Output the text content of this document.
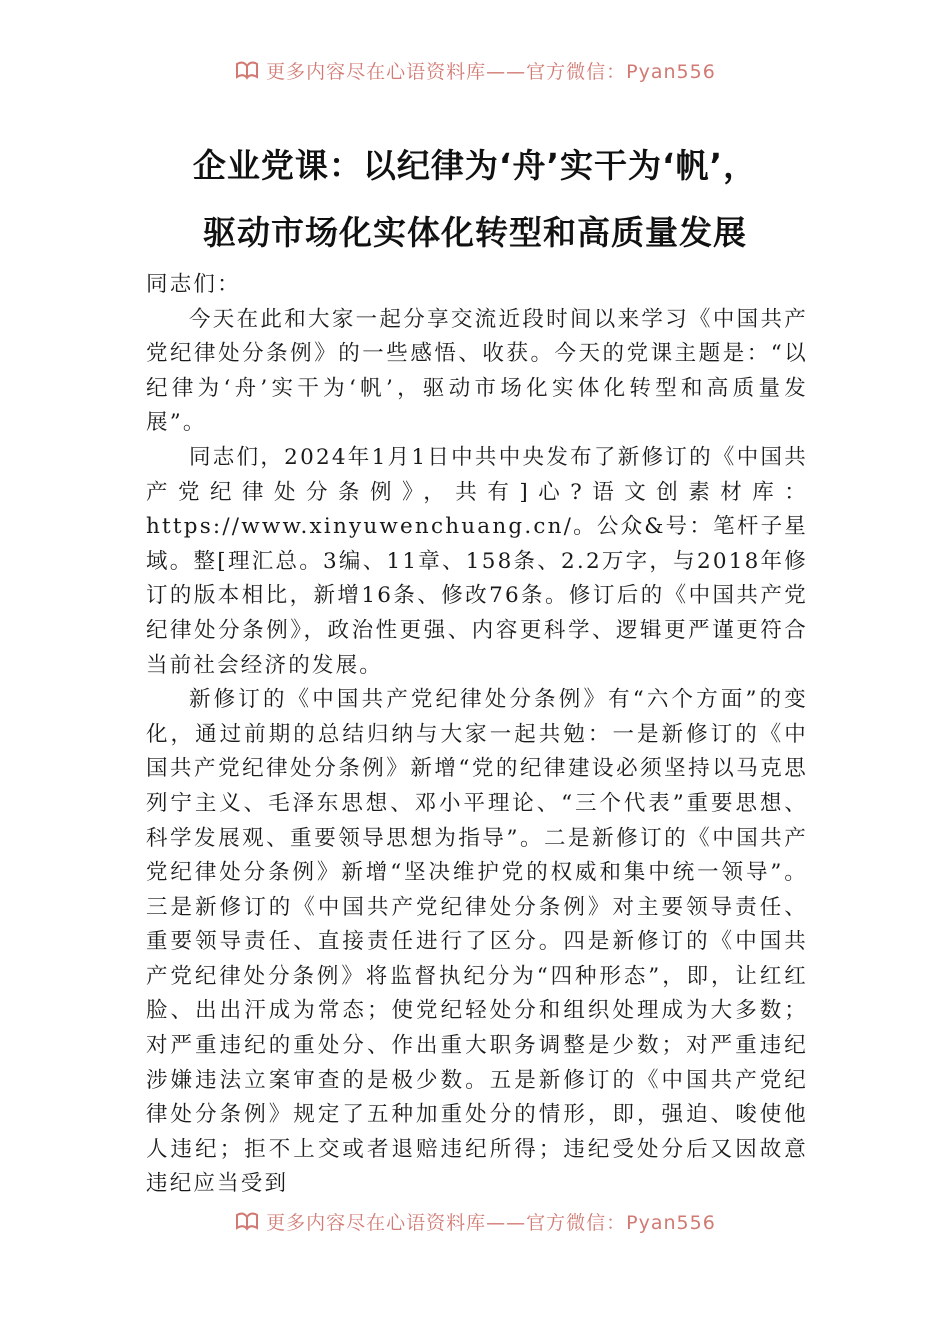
更多内容尽在心语资料库——官方微信：Pyan556
企业党课：以纪律为‘舟’实干为‘帆’，
驱动市场化实体化转型和高质量发展

同志们：

今天在此和大家一起分享交流近段时间以来学习《中国共产党纪律处分条例》的一些感悟、收获。今天的党课主题是：“以纪律为‘舟’实干为‘帆’，驱动市场化实体化转型和高质量发展”。

同志们，2024年1月1日中共中央发布了新修订的《中国共产党纪律处分条例》，共有]心?语文创素材库：https://www.xinyuwenchuang.cn/。公众&号：笔杆子星域。整[理汇总。3编、11章、158条、2.2万字，与2018年修订的版本相比，新增16条、修改76条。修订后的《中国共产党纪律处分条例》，政治性更强、内容更科学、逻辑更严谨更符合当前社会经济的发展。

新修订的《中国共产党纪律处分条例》有“六个方面”的变化，通过前期的总结归纳与大家一起共勉：一是新修订的《中国共产党纪律处分条例》新增“党的纪律建设必须坚持以马克思列宁主义、毛泽东思想、邓小平理论、“三个代表”重要思想、科学发展观、重要领导思想为指导”。二是新修订的《中国共产党纪律处分条例》新增“坚决维护党的权威和集中统一领导”。三是新修订的《中国共产党纪律处分条例》对主要领导责任、重要领导责任、直接责任进行了区分。四是新修订的《中国共产党纪律处分条例》将监督执纪分为“四种形态”，即，让红红脸、出出汗成为常态；使党纪轻处分和组织处理成为大多数；对严重违纪的重处分、作出重大职务调整是少数；对严重违纪涉嫌违法立案审查的是极少数。五是新修订的《中国共产党纪律处分条例》规定了五种加重处分的情形，即，强迫、唆使他人违纪；拒不上交或者退赔违纪所得；违纪受处分后又因故意违纪应当受到

更多内容尽在心语资料库——官方微信：Pyan556
